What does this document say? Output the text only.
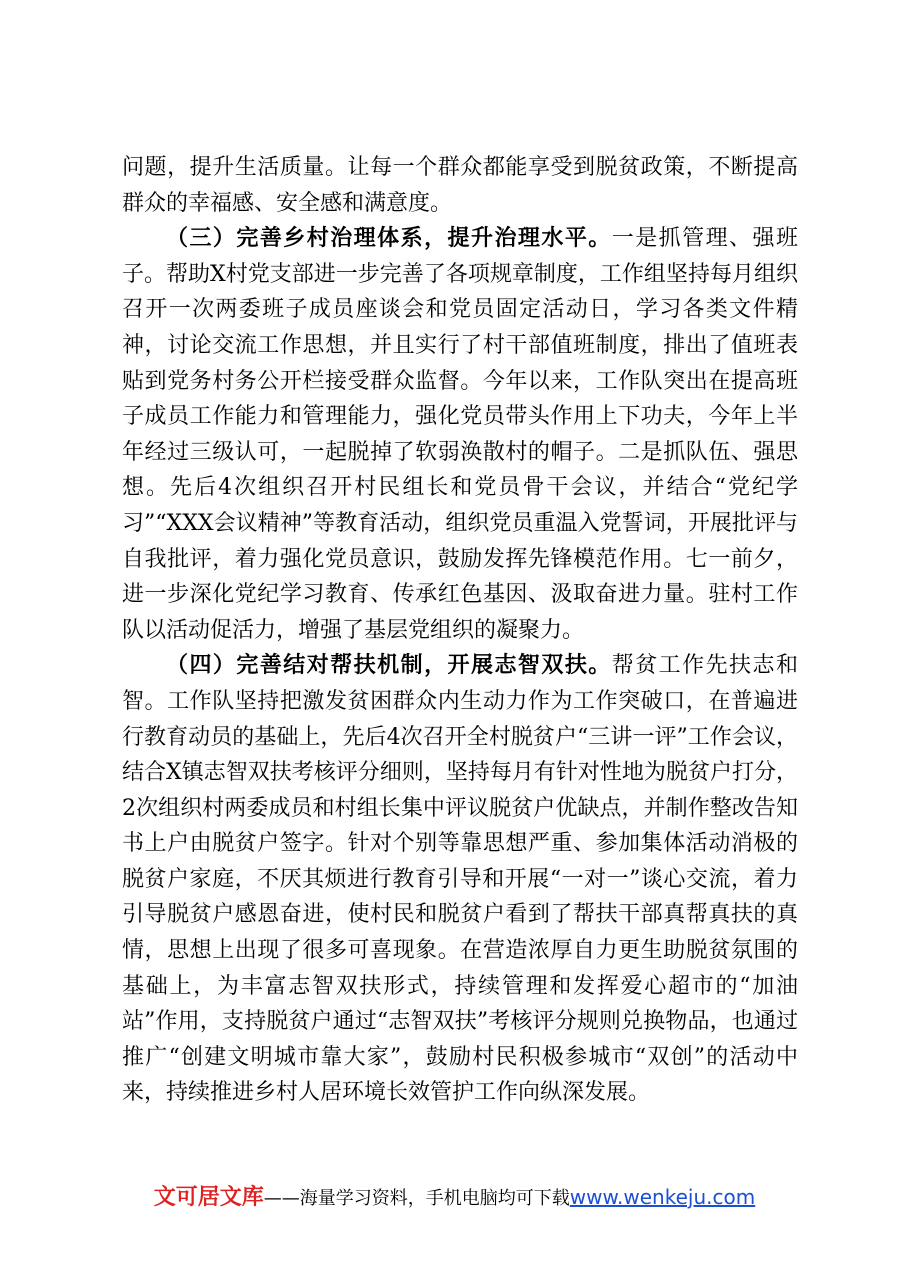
问题，提升生活质量。让每一个群众都能享受到脱贫政策，不断提高群众的幸福感、安全感和满意度。

（三）完善乡村治理体系，提升治理水平。一是抓管理、强班子。帮助X村党支部进一步完善了各项规章制度，工作组坚持每月组织召开一次两委班子成员座谈会和党员固定活动日，学习各类文件精神，讨论交流工作思想，并且实行了村干部值班制度，排出了值班表贴到党务村务公开栏接受群众监督。今年以来，工作队突出在提高班子成员工作能力和管理能力，强化党员带头作用上下功夫，今年上半年经过三级认可，一起脱掉了软弱涣散村的帽子。二是抓队伍、强思想。先后4次组织召开村民组长和党员骨干会议，并结合“党纪学习”“XXX会议精神”等教育活动，组织党员重温入党誓词，开展批评与自我批评，着力强化党员意识，鼓励发挥先锋模范作用。七一前夕，进一步深化党纪学习教育、传承红色基因、汲取奋进力量。驻村工作队以活动促活力，增强了基层党组织的凝聚力。

（四）完善结对帮扶机制，开展志智双扶。帮贫工作先扶志和智。工作队坚持把激发贫困群众内生动力作为工作突破口，在普遍进行教育动员的基础上，先后4次召开全村脱贫户“三讲一评”工作会议，结合X镇志智双扶考核评分细则，坚持每月有针对性地为脱贫户打分，2次组织村两委成员和村组长集中评议脱贫户优缺点，并制作整改告知书上户由脱贫户签字。针对个别等靠思想严重、参加集体活动消极的脱贫户家庭，不厌其烦进行教育引导和开展“一对一”谈心交流，着力引导脱贫户感恩奋进，使村民和脱贫户看到了帮扶干部真帮真扶的真情，思想上出现了很多可喜现象。在营造浓厚自力更生助脱贫氛围的基础上，为丰富志智双扶形式，持续管理和发挥爱心超市的“加油站”作用，支持脱贫户通过“志智双扶”考核评分规则兑换物品，也通过推广“创建文明城市靠大家”，鼓励村民积极参城市“双创”的活动中来，持续推进乡村人居环境长效管护工作向纵深发展。

文可居文库——海量学习资料，手机电脑均可下载www.wenkeju.com
